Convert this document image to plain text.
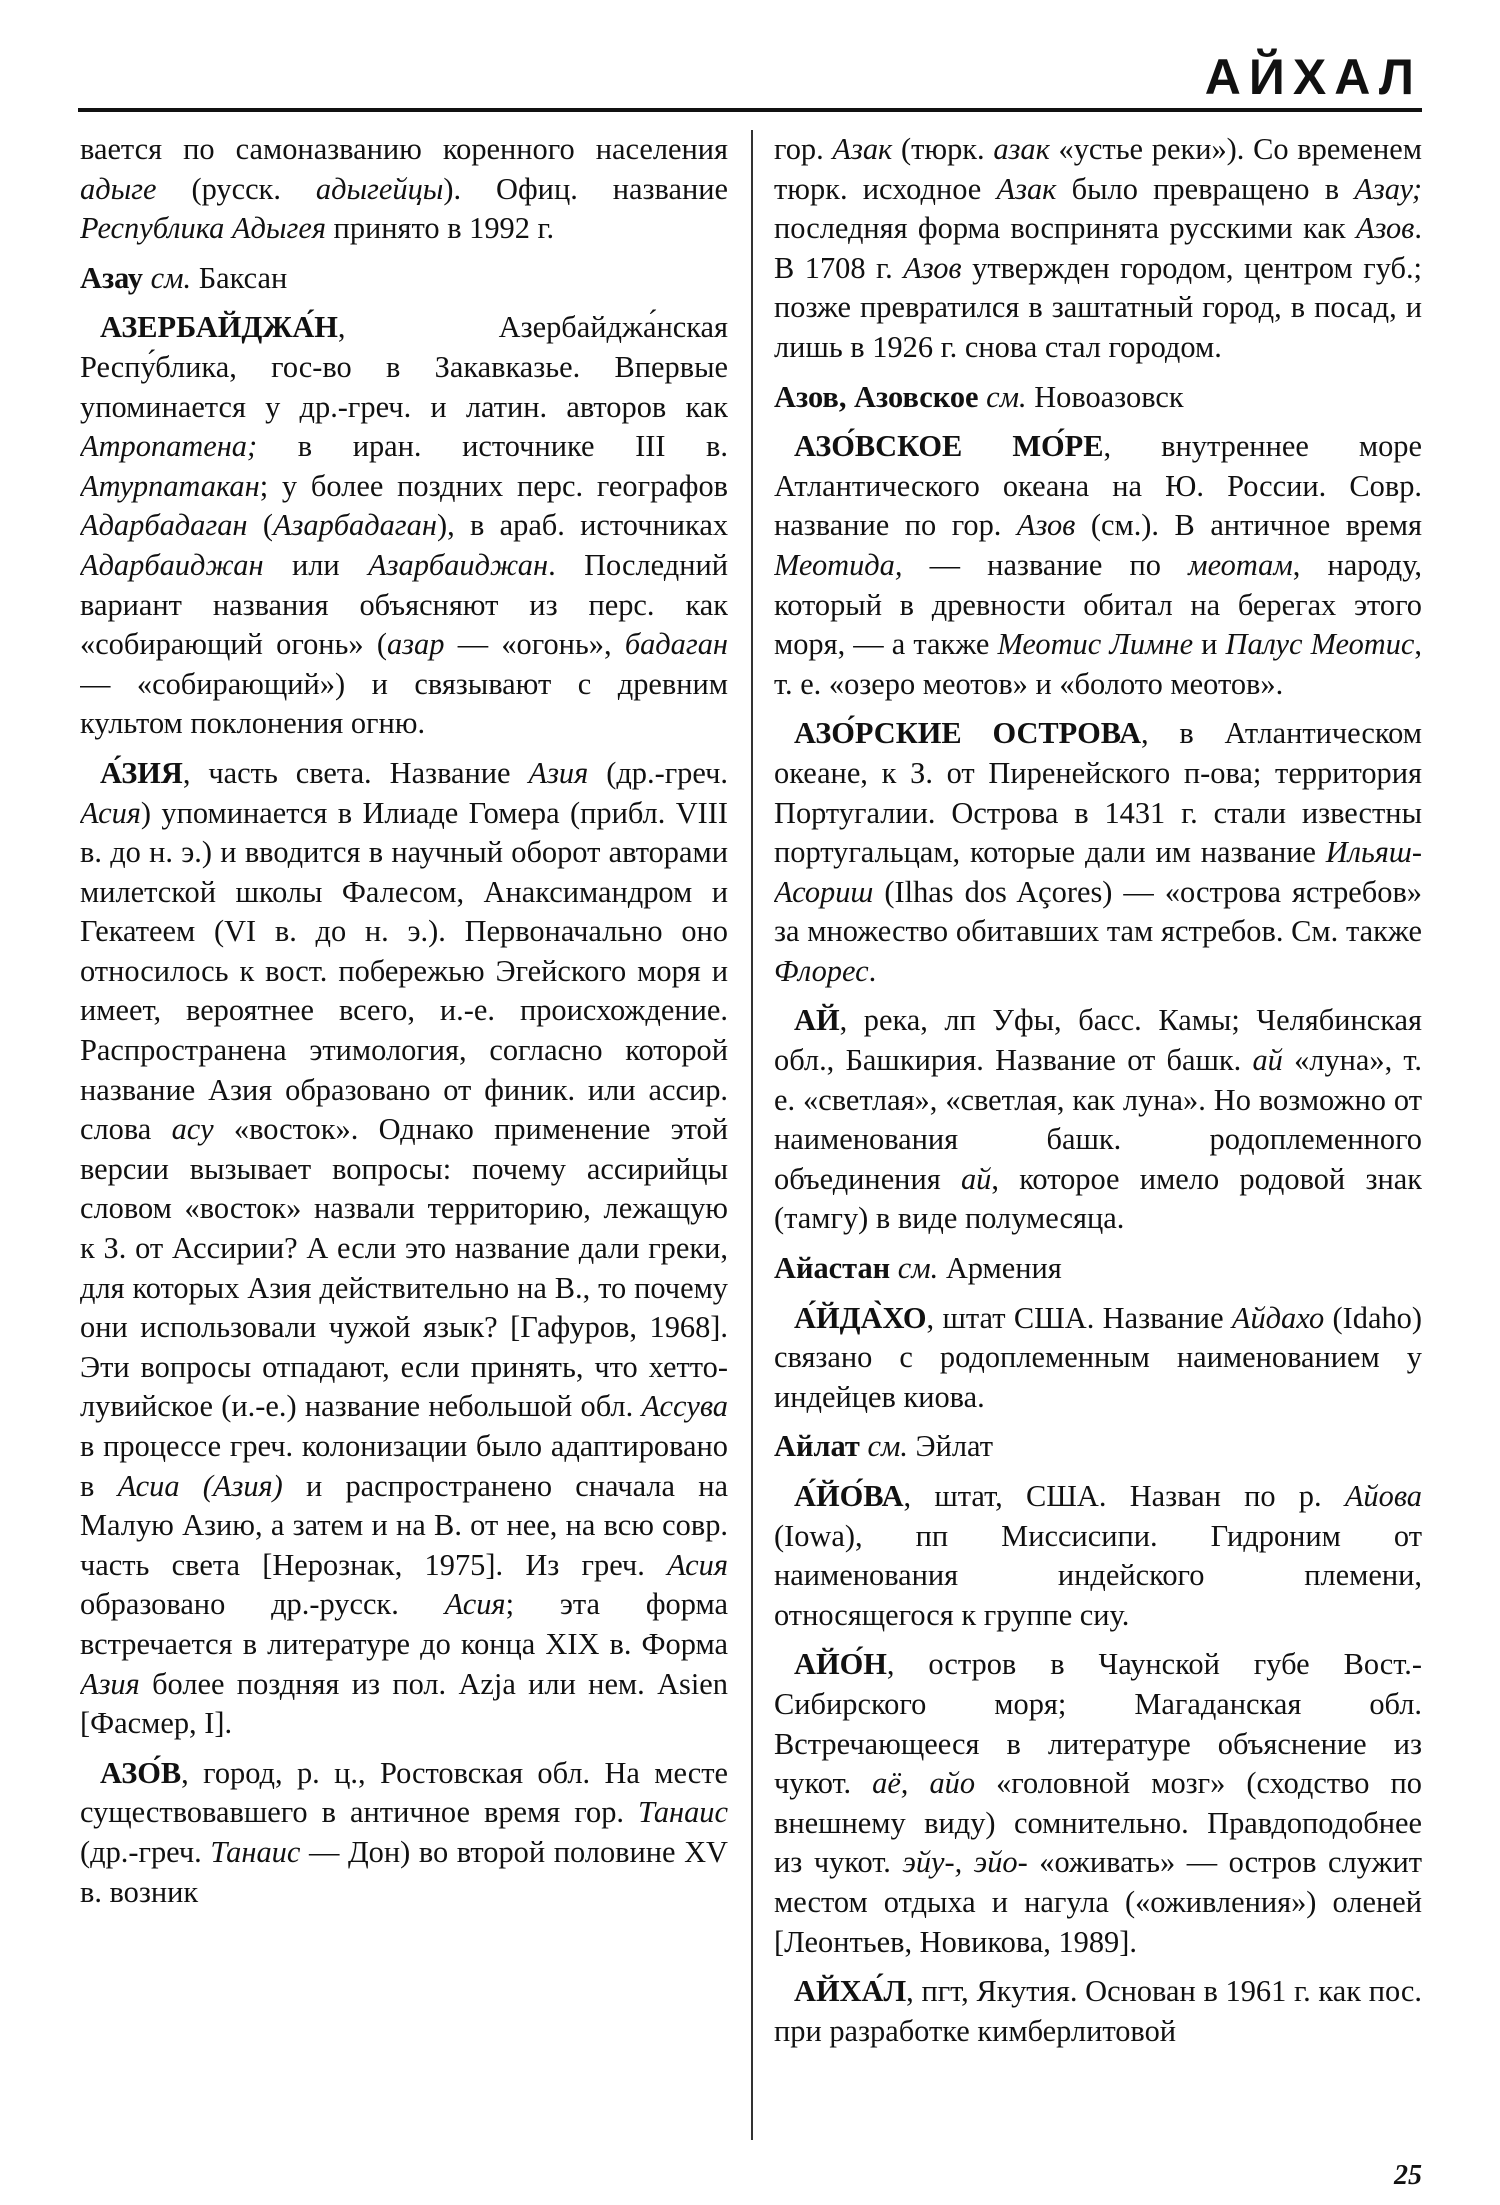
АЙХАЛ

вается по самоназванию коренного населения адыге (русск. адыгейцы). Офиц. название Республика Адыгея принято в 1992 г.

Азау см. Баксан

АЗЕРБАЙДЖА́Н, Азербайджа́нская Респу́блика, гос-во в Закавказье. Впервые упоминается у др.-греч. и латин. авторов как Атропатена; в иран. источнике III в. Атурпатакан; у более поздних перс. географов Адарбадаган (Азарбадаган), в араб. источниках Адарбаиджан или Азарбаиджан. Последний вариант названия объясняют из перс. как «собирающий огонь» (азар — «огонь», бадаган — «собирающий») и связывают с древним культом поклонения огню.

А́ЗИЯ, часть света. Название Азия (др.-греч. Асия) упоминается в Илиаде Гомера (прибл. VIII в. до н. э.) и вводится в научный оборот авторами милетской школы Фалесом, Анаксимандром и Гекатеем (VI в. до н. э.). Первоначально оно относилось к вост. побережью Эгейского моря и имеет, вероятнее всего, и.-е. происхождение. Распространена этимология, согласно которой название Азия образовано от финик. или ассир. слова асу «восток». Однако применение этой версии вызывает вопросы: почему ассирийцы словом «восток» назвали территорию, лежащую к З. от Ассирии? А если это название дали греки, для которых Азия действительно на В., то почему они использовали чужой язык? [Гафуров, 1968]. Эти вопросы отпадают, если принять, что хетто-лувийское (и.-е.) название небольшой обл. Ассува в процессе греч. колонизации было адаптировано в Асиа (Азия) и распространено сначала на Малую Азию, а затем и на В. от нее, на всю совр. часть света [Нерознак, 1975]. Из греч. Асия образовано др.-русск. Асия; эта форма встречается в литературе до конца XIX в. Форма Азия более поздняя из пол. Azja или нем. Asien [Фасмер, I].

АЗО́В, город, р. ц., Ростовская обл. На месте существовавшего в античное время гор. Танаис (др.-греч. Танаис — Дон) во второй половине XV в. возник

гор. Азак (тюрк. азак «устье реки»). Со временем тюрк. исходное Азак было превращено в Азау; последняя форма воспринята русскими как Азов. В 1708 г. Азов утвержден городом, центром губ.; позже превратился в заштатный город, в посад, и лишь в 1926 г. снова стал городом.

Азов, Азовское см. Новоазовск

АЗО́ВСКОЕ МО́РЕ, внутреннее море Атлантического океана на Ю. России. Совр. название по гор. Азов (см.). В античное время Меотида, — название по меотам, народу, который в древности обитал на берегах этого моря, — а также Меотис Лимне и Палус Меотис, т. е. «озеро меотов» и «болото меотов».

АЗО́РСКИЕ ОСТРОВА, в Атлантическом океане, к З. от Пиренейского п-ова; территория Португалии. Острова в 1431 г. стали известны португальцам, которые дали им название Ильяш-Асориш (Ilhas dos Açores) — «острова ястребов» за множество обитавших там ястребов. См. также Флорес.

АЙ, река, лп Уфы, басс. Камы; Челябинская обл., Башкирия. Название от башк. ай «луна», т. е. «светлая», «светлая, как луна». Но возможно от наименования башк. родоплеменного объединения ай, которое имело родовой знак (тамгу) в виде полумесяца.

Айастан см. Армения

А́ЙДА̀ХО, штат США. Название Айдахо (Idaho) связано с родоплеменным наименованием у индейцев киова.

Айлат см. Эйлат

А́ЙО́ВА, штат, США. Назван по р. Айова (Iowa), пп Миссисипи. Гидроним от наименования индейского племени, относящегося к группе сиу.

АЙО́Н, остров в Чаунской губе Вост.-Сибирского моря; Магаданская обл. Встречающееся в литературе объяснение из чукот. аё, айо «головной мозг» (сходство по внешнему виду) сомнительно. Правдоподобнее из чукот. эйу-, эйо- «оживать» — остров служит местом отдыха и нагула («оживления») оленей [Леонтьев, Новикова, 1989].

АЙХА́Л, пгт, Якутия. Основан в 1961 г. как пос. при разработке кимберлитовой

25
